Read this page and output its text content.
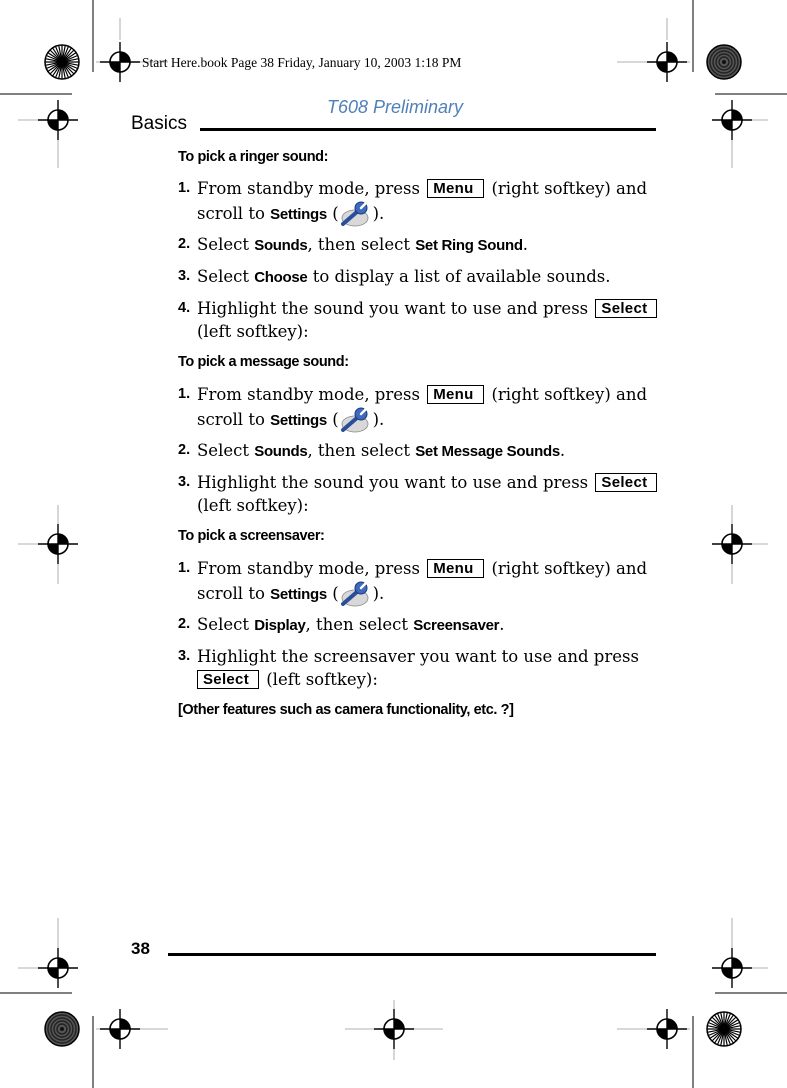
Start Here.book Page 38 Friday, January 10, 2003 1:18 PM
T608 Preliminary
Basics
To pick a ringer sound:
1. From standby mode, press Menu (right softkey) and
scroll to Settings ( ).
2. Select Sounds, then select Set Ring Sound.
3. Select Choose to display a list of available sounds.
4. Highlight the sound you want to use and press Select
(left softkey):
To pick a message sound:
1. From standby mode, press Menu (right softkey) and
scroll to Settings ( ).
2. Select Sounds, then select Set Message Sounds.
3. Highlight the sound you want to use and press Select
(left softkey):
To pick a screensaver:
1. From standby mode, press Menu (right softkey) and
scroll to Settings ( ).
2. Select Display, then select Screensaver.
3. Highlight the screensaver you want to use and press
Select (left softkey):
[Other features such as camera functionality, etc. ?]
38
